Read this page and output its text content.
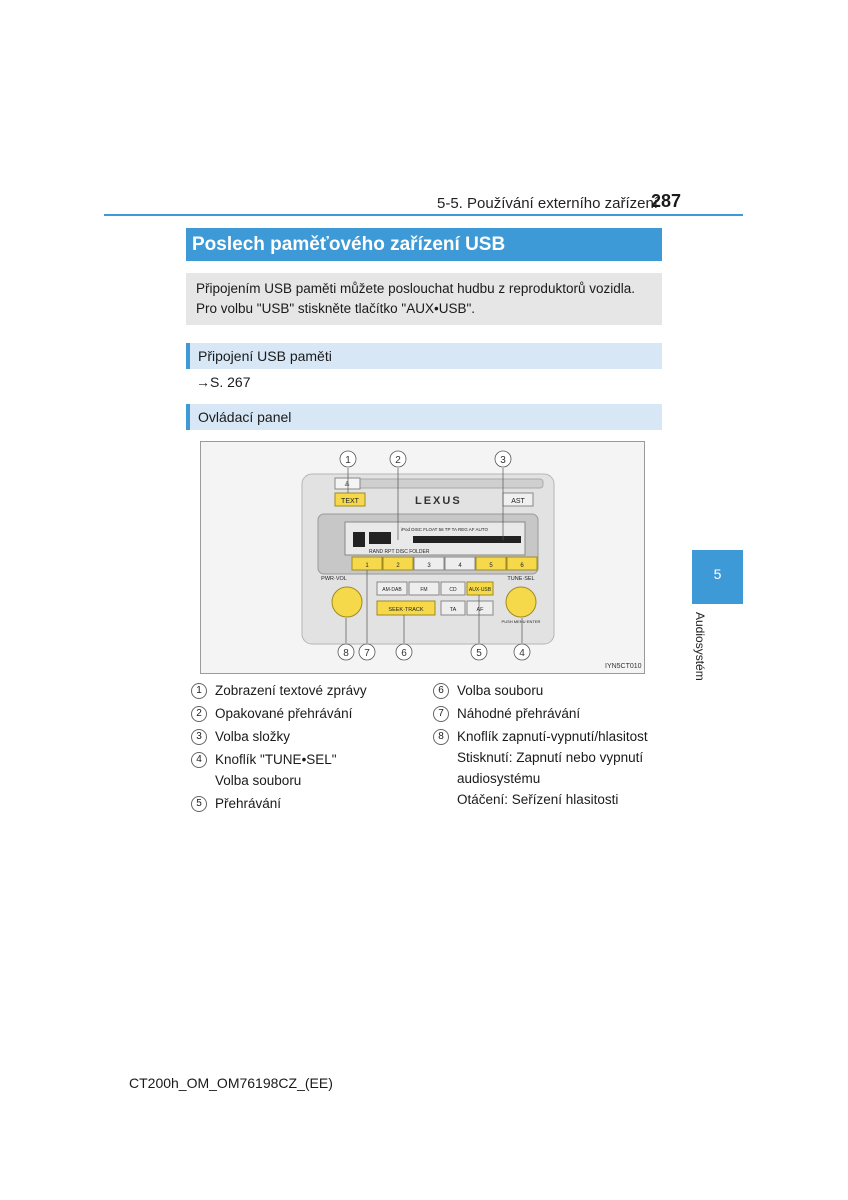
5-5. Používání externího zařízení
287
Poslech paměťového zařízení USB
Připojením USB paměti můžete poslouchat hudbu z reproduktorů vozidla.
Pro volbu "USB" stiskněte tlačítko "AUX•USB".
Připojení USB paměti
→S. 267
Ovládací panel
≜
TEXT	LEXUS	AST
iPod DISC FLOAT 56 TP TA REG AF AUTO
RAND RPT DISC FOLDER
1	2	3	4	5	6
AM·DAB	FM	CD AUX·USB
SEEK·TRACK	TA	AF
PWR·VOL	TUNE·SEL
PUSH MENU·ENTER
1	2	3
8 7	6	5	4
IYN5CT010
1 Zobrazení textové zprávy
2 Opakované přehrávání
3 Volba složky
4 Knoflík "TUNE•SEL"
Volba souboru
5 Přehrávání
6 Volba souboru
7 Náhodné přehrávání
8 Knoflík zapnutí-vypnutí/hlasitost
Stisknutí: Zapnutí nebo vypnutí
audiosystému
Otáčení: Seřízení hlasitosti
5
Audiosystém
CT200h_OM_OM76198CZ_(EE)
